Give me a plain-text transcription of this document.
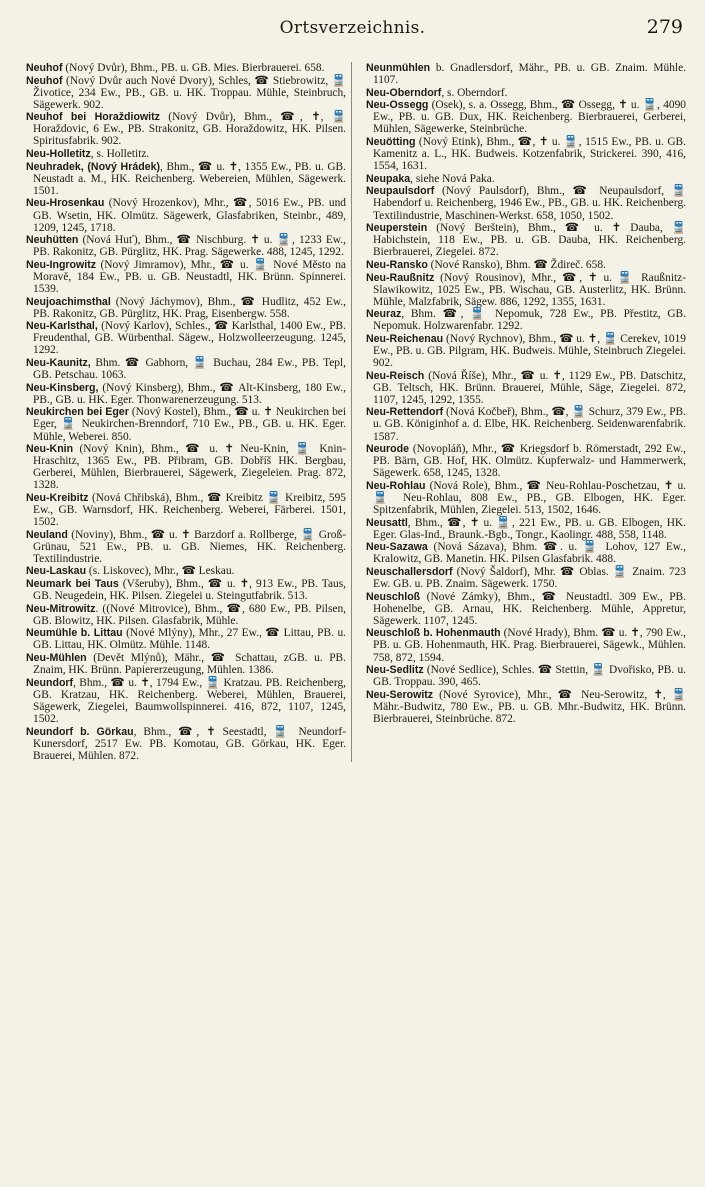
Ortsverzeichnis.	279

Neuhof (Nový Dvůr), Bhm., PB. u. GB. Mies. Bierbrauerei. 658.

Neuhof (Nový Dvůr auch Nové Dvory), Schles, ☎ Stiebrowitz, 🚆 Životice, 234 Ew., PB., GB. u. HK. Troppau. Mühle, Steinbruch, Sägewerk. 902.

Neuhof bei Horaždiowitz (Nový Dvůr), Bhm., ☎, ✝, 🚆 Horaždovic, 6 Ew., PB. Strakonitz, GB. Horaždowitz, HK. Pilsen. Spiritusfabrik. 902.

Neu-Holletitz, s. Holletitz.

Neuhradek, (Nový Hrádek), Bhm., ☎ u. ✝, 1355 Ew., PB. u. GB. Neustadt a. M., HK. Reichenberg. Webereien, Mühlen, Sägewerk. 1501.

Neu-Hrosenkau (Nový Hrozenkov), Mhr., ☎, 5016 Ew., PB. und GB. Wsetin, HK. Olmütz. Sägewerk, Glasfabriken, Steinbr., 489, 1209, 1245, 1718.

Neuhütten (Nová Huť), Bhm., ☎ Nischburg. ✝ u. 🚆, 1233 Ew., PB. Rakonitz, GB. Pürglitz, HK. Prag. Sägewerke. 488, 1245, 1292.

Neu-Ingrowitz (Nový Jimramov), Mhr., ☎ u. 🚆 Nové Město na Moravě, 184 Ew., PB. u. GB. Neustadtl, HK. Brünn. Spinnerei. 1539.

Neujoachimsthal (Nový Jáchymov), Bhm., ☎ Hudlitz, 452 Ew., PB. Rakonitz, GB. Pürglitz, HK. Prag, Eisenbergw. 558.

Neu-Karlsthal, (Nový Karlov), Schles., ☎ Karlsthal, 1400 Ew., PB. Freudenthal, GB. Würbenthal. Sägew., Holzwolleerzeugung. 1245, 1292.

Neu-Kaunitz, Bhm. ☎ Gabhorn, 🚆 Buchau, 284 Ew., PB. Tepl, GB. Petschau. 1063.

Neu-Kinsberg, (Nový Kinsberg), Bhm., ☎ Alt-Kinsberg, 180 Ew., PB., GB. u. HK. Eger. Thonwarenerzeugung. 513.

Neukirchen bei Eger (Nový Kostel), Bhm., ☎ u. ✝ Neukirchen bei Eger, 🚆 Neukirchen-Brenndorf, 710 Ew., PB., GB. u. HK. Eger. Mühle, Weberei. 850.

Neu-Knin (Nový Knin), Bhm., ☎ u. ✝ Neu-Knin, 🚆 Knin-Hraschitz, 1365 Ew., PB. Přibram, GB. Dobříš HK. Bergbau, Gerberei, Mühlen, Bierbrauerei, Sägewerk, Ziegeleien. Prag. 872, 1328.

Neu-Kreibitz (Nová Chřibská), Bhm., ☎ Kreibitz 🚆 Kreibitz, 595 Ew., GB. Warnsdorf, HK. Reichenberg. Weberei, Färberei. 1501, 1502.

Neuland (Noviny), Bhm., ☎ u. ✝ Barzdorf a. Rollberge, 🚆 Groß-Grünau, 521 Ew., PB. u. GB. Niemes, HK. Reichenberg. Textilindustrie.

Neu-Laskau (s. Liskovec), Mhr., ☎ Leskau.

Neumark bei Taus (Všeruby), Bhm., ☎ u. ✝, 913 Ew., PB. Taus, GB. Neugedein, HK. Pilsen. Ziegelei u. Steingutfabrik. 513.

Neu-Mitrowitz. ((Nové Mitrovice), Bhm., ☎, 680 Ew., PB. Pilsen, GB. Blowitz, HK. Pilsen. Glasfabrik, Mühle.

Neumühle b. Littau (Nové Mlýny), Mhr., 27 Ew., ☎ Littau, PB. u. GB. Littau, HK. Olmütz. Mühle. 1148.

Neu-Mühlen (Devět Mlýnů), Mähr., ☎ Schattau, zGB. u. PB. Znaim, HK. Brünn. Papiererzeugung, Mühlen. 1386.

Neundorf, Bhm., ☎ u. ✝, 1794 Ew., 🚆 Kratzau. PB. Reichenberg, GB. Kratzau, HK. Reichenberg. Weberei, Mühlen, Brauerei, Sägewerk, Ziegelei, Baumwollspinnerei. 416, 872, 1107, 1245, 1502.

Neundorf b. Görkau, Bhm., ☎, ✝ Seestadtl, 🚆 Neundorf-Kunersdorf, 2517 Ew. PB. Komotau, GB. Görkau, HK. Eger. Brauerei, Mühlen. 872.

Neunmühlen b. Gnadlersdorf, Mähr., PB. u. GB. Znaim. Mühle. 1107.

Neu-Oberndorf, s. Oberndorf.

Neu-Ossegg (Osek), s. a. Ossegg, Bhm., ☎ Ossegg, ✝ u. 🚆, 4090 Ew., PB. u. GB. Dux, HK. Reichenberg. Bierbrauerei, Gerberei, Mühlen, Sägewerke, Steinbrüche.

Neuötting (Nový Etink), Bhm., ☎, ✝ u. 🚆, 1515 Ew., PB. u. GB. Kamenitz a. L., HK. Budweis. Kotzenfabrik, Strickerei. 390, 416, 1554, 1631.

Neupaka, siehe Nová Paka.

Neupaulsdorf (Nový Paulsdorf), Bhm., ☎ Neupaulsdorf, 🚆 Habendorf u. Reichenberg, 1946 Ew., PB., GB. u. HK. Reichenberg. Textilindustrie, Maschinen-Werkst. 658, 1050, 1502.

Neuperstein (Nový Berštein), Bhm., ☎ u. ✝ Dauba, 🚆 Habichstein, 118 Ew., PB. u. GB. Dauba, HK. Reichenberg. Bierbrauerei, Ziegelei. 872.

Neu-Ransko (Nové Ransko), Bhm. ☎ Ždireč. 658.

Neu-Raußnitz (Nový Rousinov), Mhr., ☎, ✝ u. 🚆 Raußnitz-Slawikowitz, 1025 Ew., PB. Wischau, GB. Austerlitz, HK. Brünn. Mühle, Malzfabrik, Sägew. 886, 1292, 1355, 1631.

Neuraz, Bhm. ☎, 🚆 Nepomuk, 728 Ew., PB. Přestitz, GB. Nepomuk. Holzwarenfabr. 1292.

Neu-Reichenau (Nový Rychnov), Bhm., ☎ u. ✝, 🚆 Cerekev, 1019 Ew., PB. u. GB. Pilgram, HK. Budweis. Mühle, Steinbruch Ziegelei. 902.

Neu-Reisch (Nová Říše), Mhr., ☎ u. ✝, 1129 Ew., PB. Datschitz, GB. Teltsch, HK. Brünn. Brauerei, Mühle, Säge, Ziegelei. 872, 1107, 1245, 1292, 1355.

Neu-Rettendorf (Nová Kočbeř), Bhm., ☎, 🚆 Schurz, 379 Ew., PB. u. GB. Königinhof a. d. Elbe, HK. Reichenberg. Seidenwarenfabrik. 1587.

Neurode (Novopláň), Mhr., ☎ Kriegsdorf b. Römerstadt, 292 Ew., PB. Bärn, GB. Hof, HK. Olmütz. Kupferwalz- und Hammerwerk, Sägewerk. 658, 1245, 1328.

Neu-Rohlau (Nová Role), Bhm., ☎ Neu-Rohlau-Poschetzau, ✝ u. 🚆 Neu-Rohlau, 808 Ew., PB., GB. Elbogen, HK. Eger. Spitzenfabrik, Mühlen, Ziegelei. 513, 1502, 1646.

Neusattl, Bhm., ☎, ✝ u. 🚆, 221 Ew., PB. u. GB. Elbogen, HK. Eger. Glas-Ind., Braunk.-Bgb., Tongr., Kaolingr. 488, 558, 1148.

Neu-Sazawa (Nová Sázava), Bhm. ☎. u. 🚆 Lohov, 127 Ew., Kralowitz, GB. Manetin. HK. Pilsen Glasfabrik. 488.

Neuschallersdorf (Nový Šaldorf), Mhr. ☎ Oblas. 🚆 Znaim. 723 Ew. GB. u. PB. Znaim. Sägewerk. 1750.

Neuschloß (Nové Zámky), Bhm., ☎ Neustadtl. 309 Ew., PB. Hohenelbe, GB. Arnau, HK. Reichenberg. Mühle, Appretur, Sägewerk. 1107, 1245.

Neuschloß b. Hohenmauth (Nové Hrady), Bhm. ☎ u. ✝, 790 Ew., PB. u. GB. Hohenmauth, HK. Prag. Bierbrauerei, Sägewk., Mühlen. 758, 872, 1594.

Neu-Sedlitz (Nové Sedlice), Schles. ☎ Stettin, 🚆 Dvořisko, PB. u. GB. Troppau. 390, 465.

Neu-Serowitz (Nové Syrovice), Mhr., ☎ Neu-Serowitz, ✝, 🚆 Mähr.-Budwitz, 780 Ew., PB. u. GB. Mhr.-Budwitz, HK. Brünn. Bierbrauerei, Steinbrüche. 872.
